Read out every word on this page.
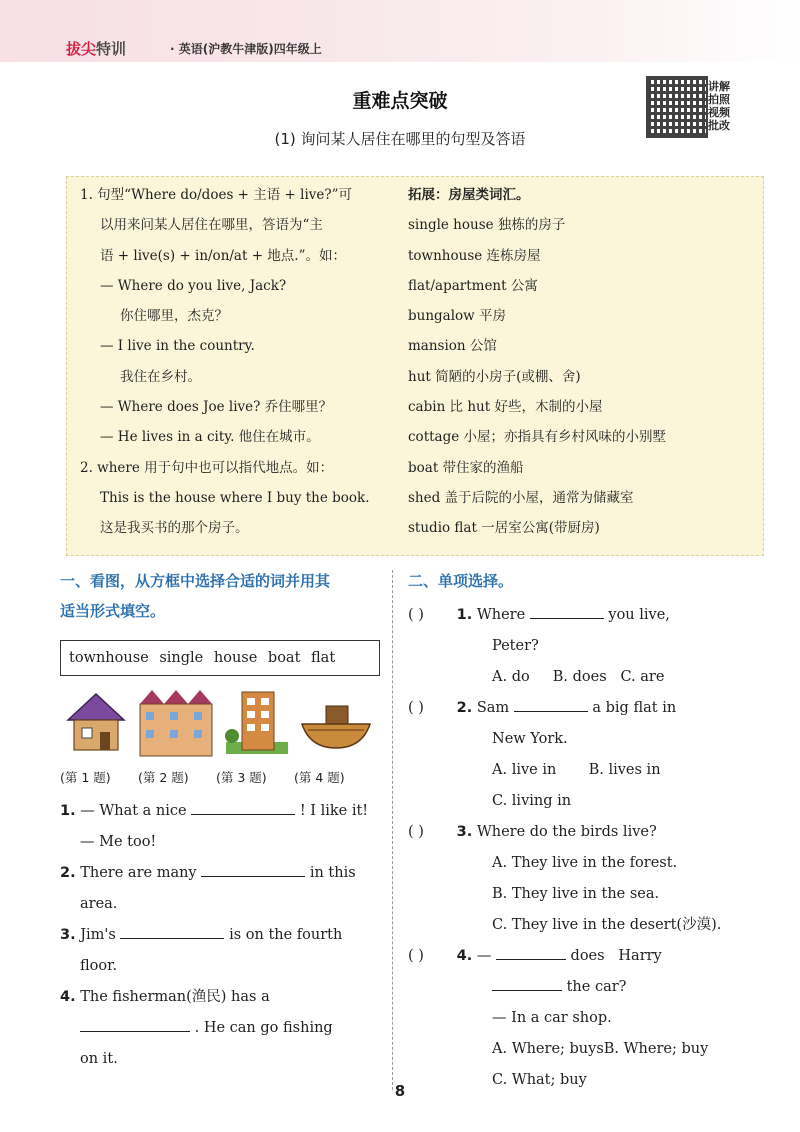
拔尖特训	· 英语(沪教牛津版)四年级上
讲解
拍照
视频
批改
重难点突破
(1) 询问某人居住在哪里的句型及答语
1. 句型“Where do/does + 主语 + live?”可
以用来问某人居住在哪里，答语为“主
语 + live(s) + in/on/at + 地点.”。如：
— Where do you live, Jack?
你住哪里，杰克？
— I live in the country.
我住在乡村。
— Where does Joe live? 乔住哪里？
— He lives in a city. 他住在城市。
2. where 用于句中也可以指代地点。如：
This is the house where I buy the book.
这是我买书的那个房子。
拓展：房屋类词汇。
single house 独栋的房子
townhouse 连栋房屋
flat/apartment 公寓
bungalow 平房
mansion 公馆
hut 简陋的小房子(或棚、舍)
cabin 比 hut 好些，木制的小屋
cottage 小屋；亦指具有乡村风味的小别墅
boat 带住家的渔船
shed 盖于后院的小屋，通常为储藏室
studio flat 一居室公寓(带厨房)
一、看图，从方框中选择合适的词并用其
适当形式填空。
townhouse single house boat flat
(第 1 题) (第 2 题) (第 3 题) (第 4 题)
1. — What a nice	! I like it!
— Me too!
2. There are many	in this
area.
3. Jim's	is on the fourth
floor.
4. The fisherman(渔民) has a
. He can go fishing
on it.
二、单项选择。
( ) 1. Where	you live,
Peter?
A. do     B. does   C. are
( ) 2. Sam	a big flat in
New York.
A. live in       B. lives in
C. living in
( ) 3. Where do the birds live?
A. They live in the forest.
B. They live in the sea.
C. They live in the desert(沙漠).
( ) 4. —	does   Harry
the car?
— In a car shop.
A. Where; buysB. Where; buy
C. What; buy
8
